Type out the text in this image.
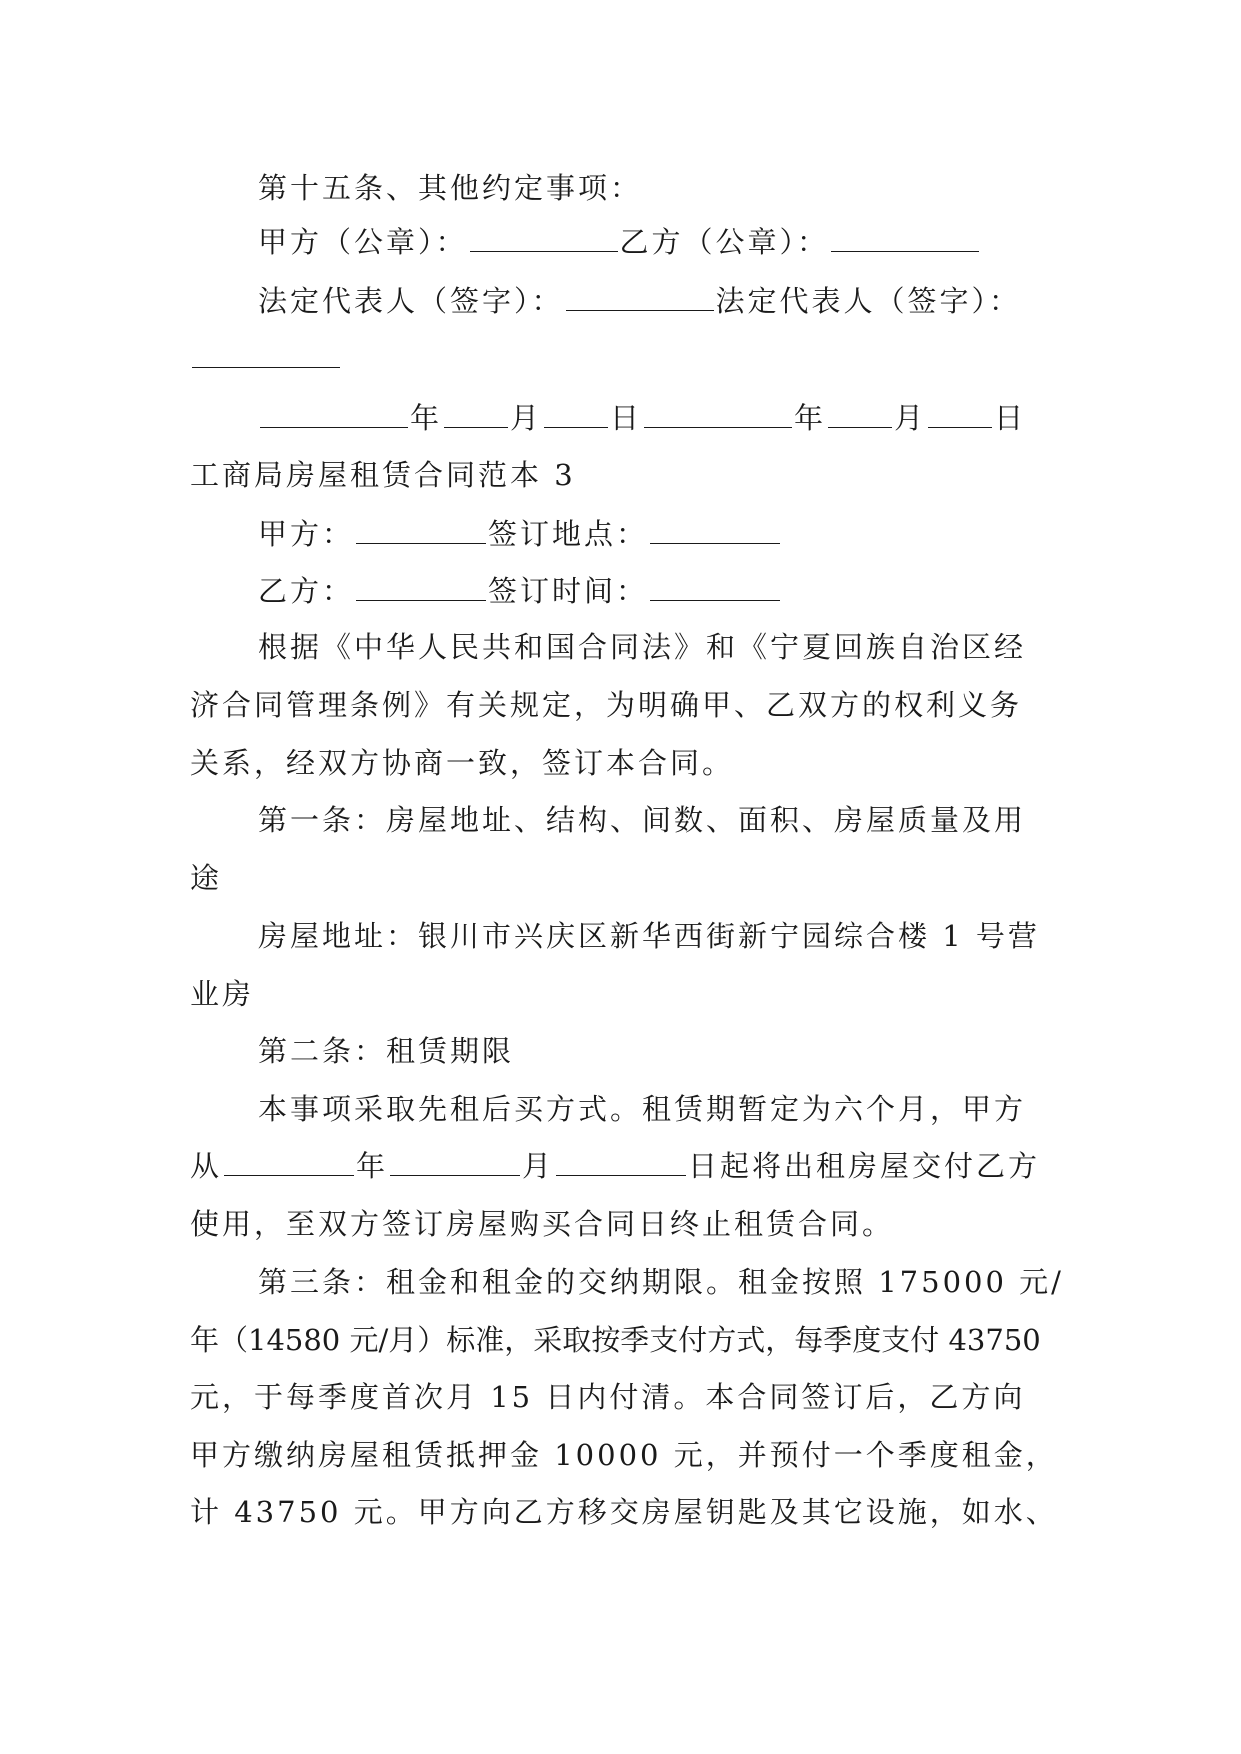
第十五条、其他约定事项：
甲方（公章）：	乙方（公章）：
法定代表人（签字）：	法定代表人（签字）：
年 月 日	年 月 日
工商局房屋租赁合同范本 3
甲方：	签订地点：
乙方：	签订时间：
根据《中华人民共和国合同法》和《宁夏回族自治区经
济合同管理条例》有关规定，为明确甲、乙双方的权利义务
关系，经双方协商一致，签订本合同。
第一条：房屋地址、结构、间数、面积、房屋质量及用
途
房屋地址：银川市兴庆区新华西街新宁园综合楼 1 号营
业房
第二条：租赁期限
本事项采取先租后买方式。租赁期暂定为六个月，甲方
从	年	月	日起将出租房屋交付乙方
使用，至双方签订房屋购买合同日终止租赁合同。
第三条：租金和租金的交纳期限。租金按照 175000 元/
年（14580 元/月）标准，采取按季支付方式，每季度支付 43750
元，于每季度首次月 15 日内付清。本合同签订后，乙方向
甲方缴纳房屋租赁抵押金 10000 元，并预付一个季度租金，
计 43750 元。甲方向乙方移交房屋钥匙及其它设施，如水、
